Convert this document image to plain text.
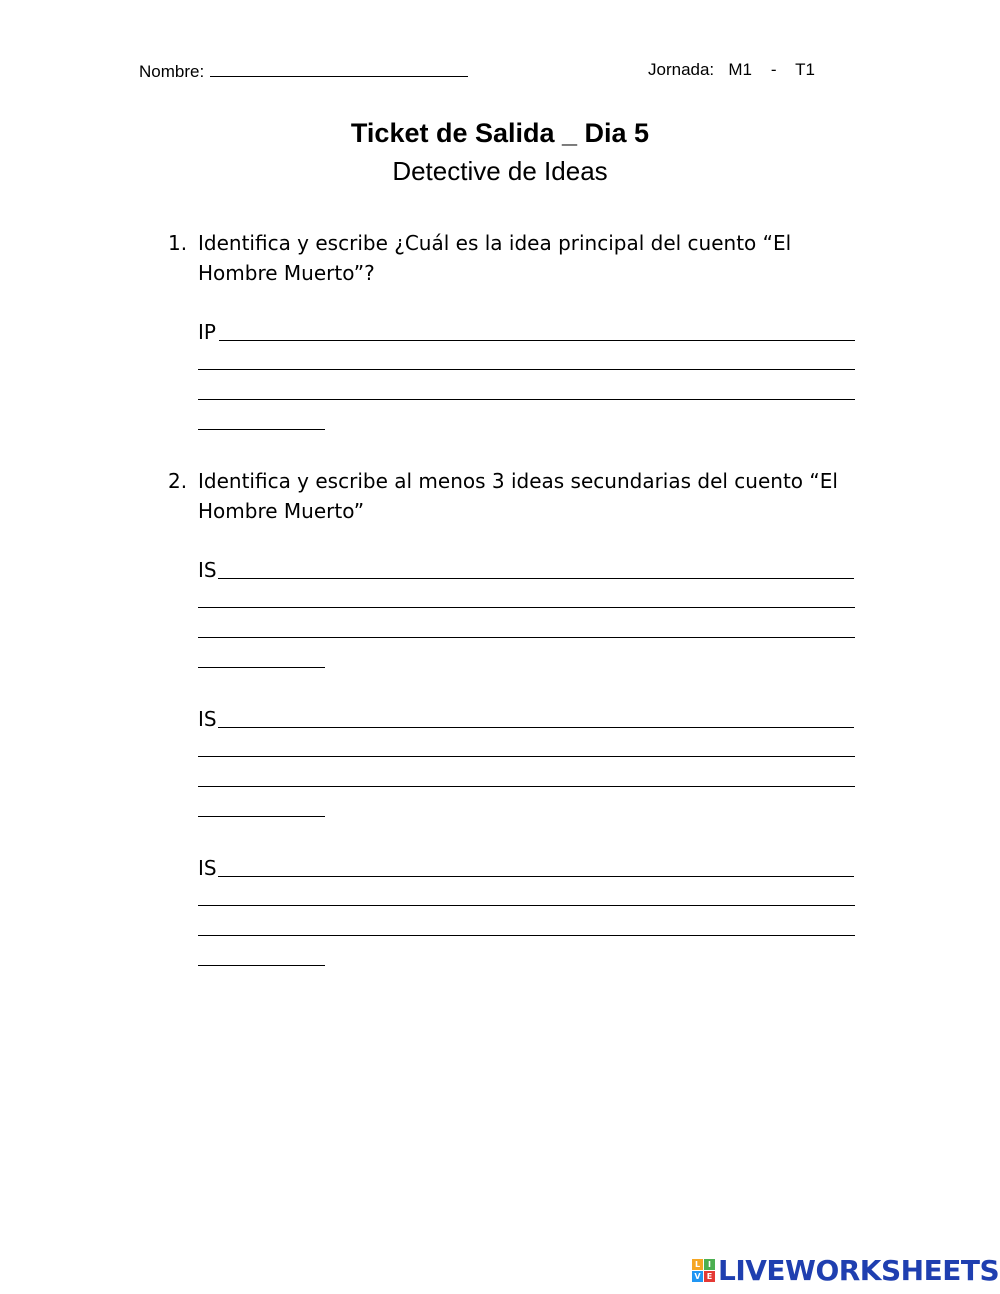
Nombre:	Jornada:   M1    -    T1
Ticket de Salida _ Dia 5
Detective de Ideas
1. Identifica y escribe ¿Cuál es la idea principal del cuento “El Hombre Muerto”?
IP
2. Identifica y escribe al menos 3 ideas secundarias del cuento “El Hombre Muerto”
IS
IS
IS
L I
V E LIVEWORKSHEETS
